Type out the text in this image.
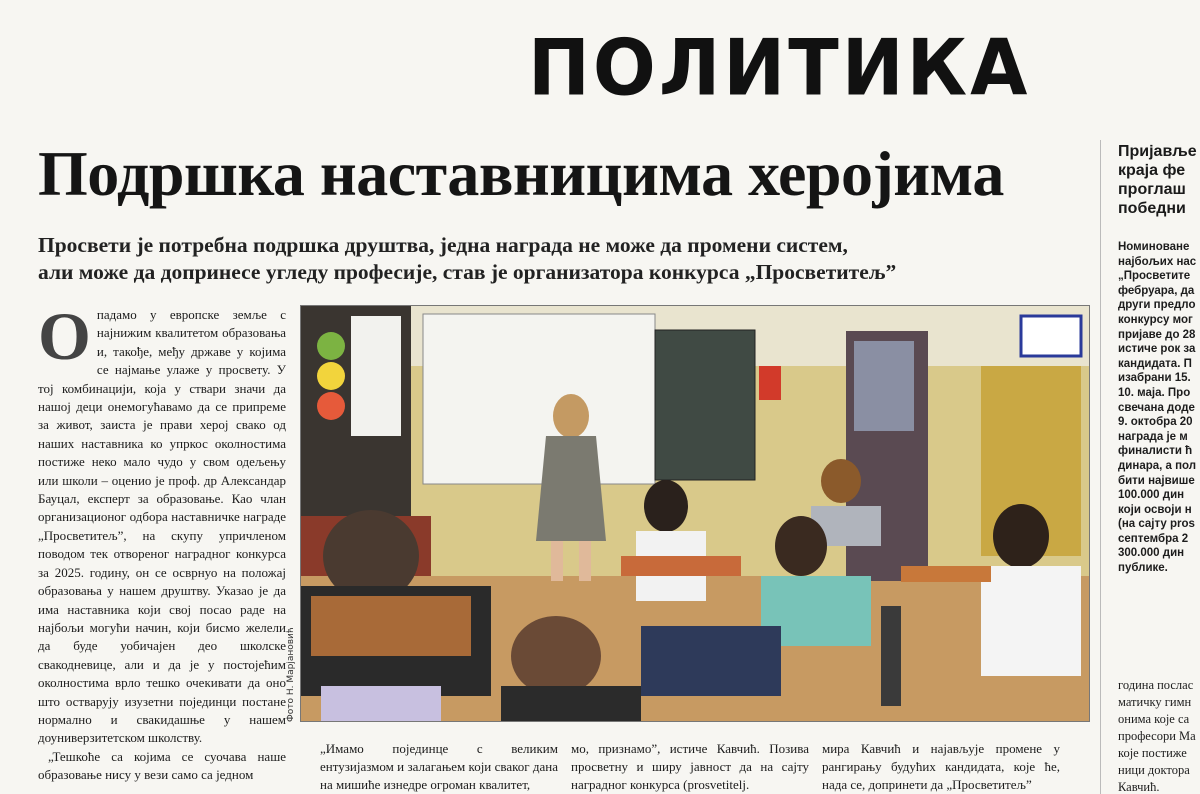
ПОЛИТИКА
Подршка наставницима херојима
Просвети је потребна подршка друштва, једна награда не може да промени систем,
али може да допринесе угледу професије, став је организатора конкурса „Просветитељ”

Опадамо у европске земље с најнижим квалитетом образовања и, такође, међу државе у којима се најмање улаже у просвету. У тој комбинацији, која у ствари значи да нашој деци онемогућавамо да се припреме за живот, заиста је прави херој свако од наших наставника ко упркос околностима постиже неко мало чудо у свом одељењу или школи – оценио је проф. др Александар Бауцал, експерт за образовање. Као члан организационог одбора наставничке награде „Просветитељ”, на скупу упричленом поводом тек отвореног наградног конкурса за 2025. годину, он се осврнуо на положај образовања у нашем друштву. Указао је да има наставника који свој посао раде на најбољи могући начин, који бисмо желели да буде уобичајен део школске свакодневице, али и да је у постојећим околностима врло тешко очекивати да оно што остварују изузетни појединци постане нормално и свакидашње у нашем доуниверзитетском школству.

„Тешкоће са којима се суочава наше образовање нису у вези само са једном

Фото Н. Марјановић

„Имамо појединце с великим ентузијазмом и залагањем који сваког дана на мишиће изнедре огроман квалитет,

мо, признамо”, истиче Кавчић. Позива просветну и ширу јавност да на сајту наградног конкурса (prosvetitelj.

мира Кавчић и најављује промене у рангирању будућих кандидата, које ће, нада се, допринети да „Просветитељ”

Пријавље
краја фе
проглаш
победни
Номиноване
најбољих нас
„Просветите
фебруара, да
други предло
конкурсу мог
пријаве до 28
истиче рок за
кандидата. П
изабрани 15.
10. маја. Про
свечана доде
9. октобра 20
награда је м
финалисти ћ
динара, а пол
бити највише
100.000 дин
који освоји н
(на сајту pros
септембра 2
300.000 дин
публике.
година послас
матичку гимн
онима које са
професори Ма
које постиже
ници доктора
Кавчић.
